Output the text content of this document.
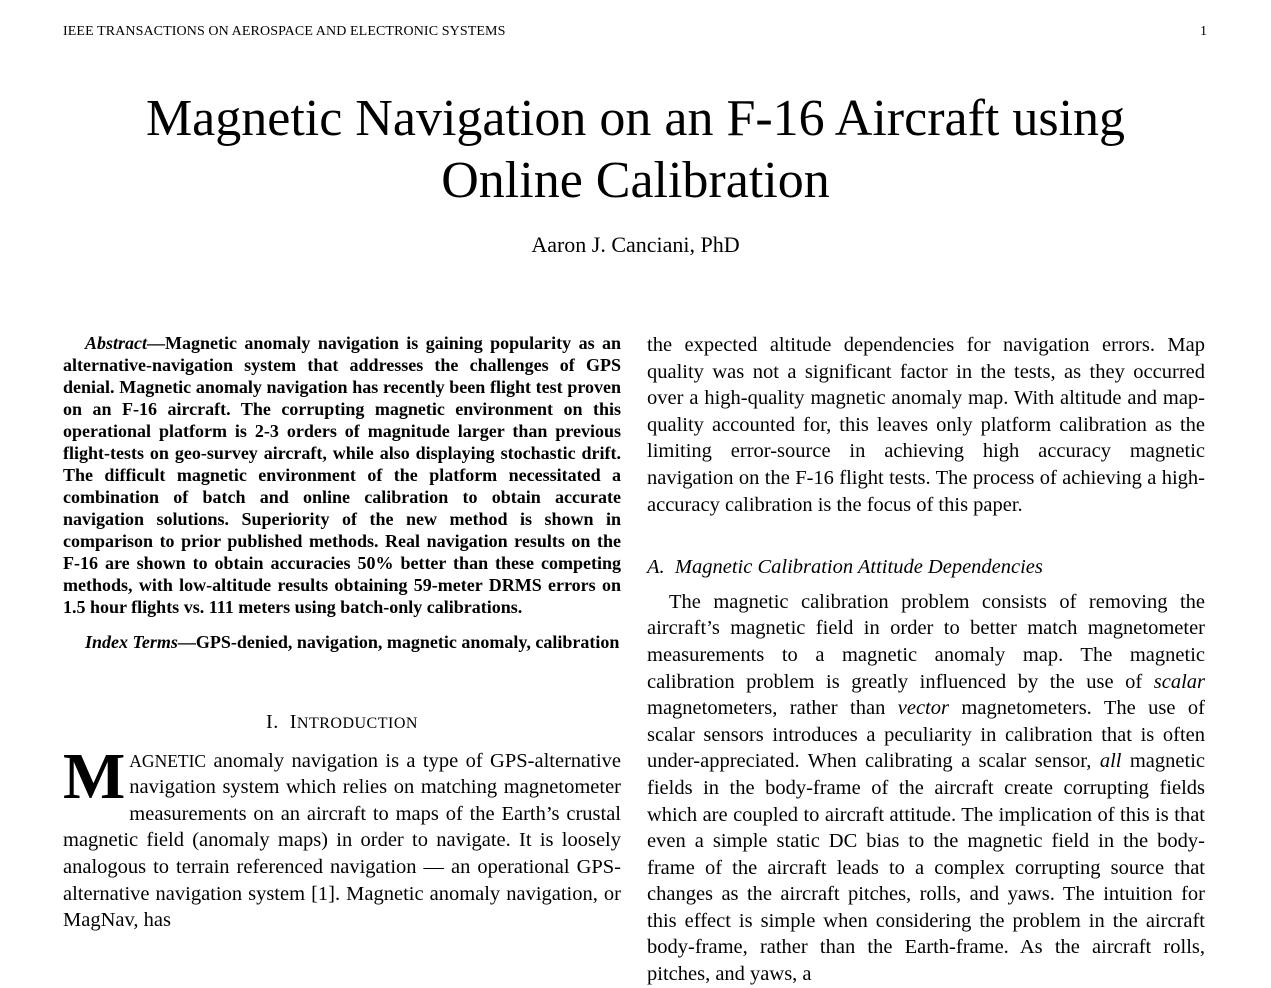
IEEE TRANSACTIONS ON AEROSPACE AND ELECTRONIC SYSTEMS	1
Magnetic Navigation on an F-16 Aircraft using
Online Calibration
Aaron J. Canciani, PhD

Abstract—Magnetic anomaly navigation is gaining popularity as an alternative-navigation system that addresses the challenges of GPS denial. Magnetic anomaly navigation has recently been flight test proven on an F-16 aircraft. The corrupting magnetic environment on this operational platform is 2-3 orders of magnitude larger than previous flight-tests on geo-survey aircraft, while also displaying stochastic drift. The difficult magnetic environment of the platform necessitated a combination of batch and online calibration to obtain accurate navigation solutions. Superiority of the new method is shown in comparison to prior published methods. Real navigation results on the F-16 are shown to obtain accuracies 50% better than these competing methods, with low-altitude results obtaining 59-meter DRMS errors on 1.5 hour flights vs. 111 meters using batch-only calibrations.

Index Terms—GPS-denied, navigation, magnetic anomaly, calibration

I. INTRODUCTION

MAGNETIC anomaly navigation is a type of GPS-alternative navigation system which relies on matching magnetometer measurements on an aircraft to maps of the Earth’s crustal magnetic field (anomaly maps) in order to navigate. It is loosely analogous to terrain referenced navigation — an operational GPS-alternative navigation system [1]. Magnetic anomaly navigation, or MagNav, has

the expected altitude dependencies for navigation errors. Map quality was not a significant factor in the tests, as they occurred over a high-quality magnetic anomaly map. With altitude and map-quality accounted for, this leaves only platform calibration as the limiting error-source in achieving high accuracy magnetic navigation on the F-16 flight tests. The process of achieving a high-accuracy calibration is the focus of this paper.

A. Magnetic Calibration Attitude Dependencies

The magnetic calibration problem consists of removing the aircraft’s magnetic field in order to better match magnetometer measurements to a magnetic anomaly map. The magnetic calibration problem is greatly influenced by the use of scalar magnetometers, rather than vector magnetometers. The use of scalar sensors introduces a peculiarity in calibration that is often under-appreciated. When calibrating a scalar sensor, all magnetic fields in the body-frame of the aircraft create corrupting fields which are coupled to aircraft attitude. The implication of this is that even a simple static DC bias to the magnetic field in the body-frame of the aircraft leads to a complex corrupting source that changes as the aircraft pitches, rolls, and yaws. The intuition for this effect is simple when considering the problem in the aircraft body-frame, rather than the Earth-frame. As the aircraft rolls, pitches, and yaws, a
